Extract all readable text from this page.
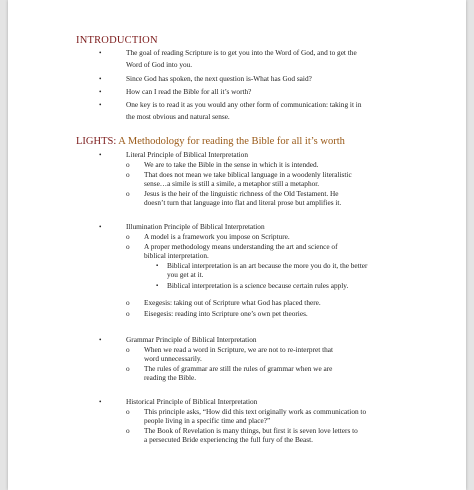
INTRODUCTION
•	The goal of reading Scripture is to get you into the Word of God, and to get the
Word of God into you.
•	Since God has spoken, the next question is-What has God said?
•	How can I read the Bible for all it’s worth?
•	One key is to read it as you would any other form of communication: taking it in
the most obvious and natural sense.
LIGHTS: A Methodology for reading the Bible for all it’s worth
•	Literal Principle of Biblical Interpretation
o We are to take the Bible in the sense in which it is intended.
o That does not mean we take biblical language in a woodenly literalistic
sense…a simile is still a simile, a metaphor still a metaphor.
o Jesus is the heir of the linguistic richness of the Old Testament. He
doesn’t turn that language into flat and literal prose but amplifies it.
•	Illumination Principle of Biblical Interpretation
o A model is a framework you impose on Scripture.
o A proper methodology means understanding the art and science of
biblical interpretation.
▪ Biblical interpretation is an art because the more you do it, the better
you get at it.
▪ Biblical interpretation is a science because certain rules apply.
o Exegesis: taking out of Scripture what God has placed there.
o Eisegesis: reading into Scripture one’s own pet theories.
•	Grammar Principle of Biblical Interpretation
o When we read a word in Scripture, we are not to re-interpret that
word unnecessarily.
o The rules of grammar are still the rules of grammar when we are
reading the Bible.
•	Historical Principle of Biblical Interpretation
o This principle asks, “How did this text originally work as communication to
people living in a specific time and place?”
o The Book of Revelation is many things, but first it is seven love letters to
a persecuted Bride experiencing the full fury of the Beast.
